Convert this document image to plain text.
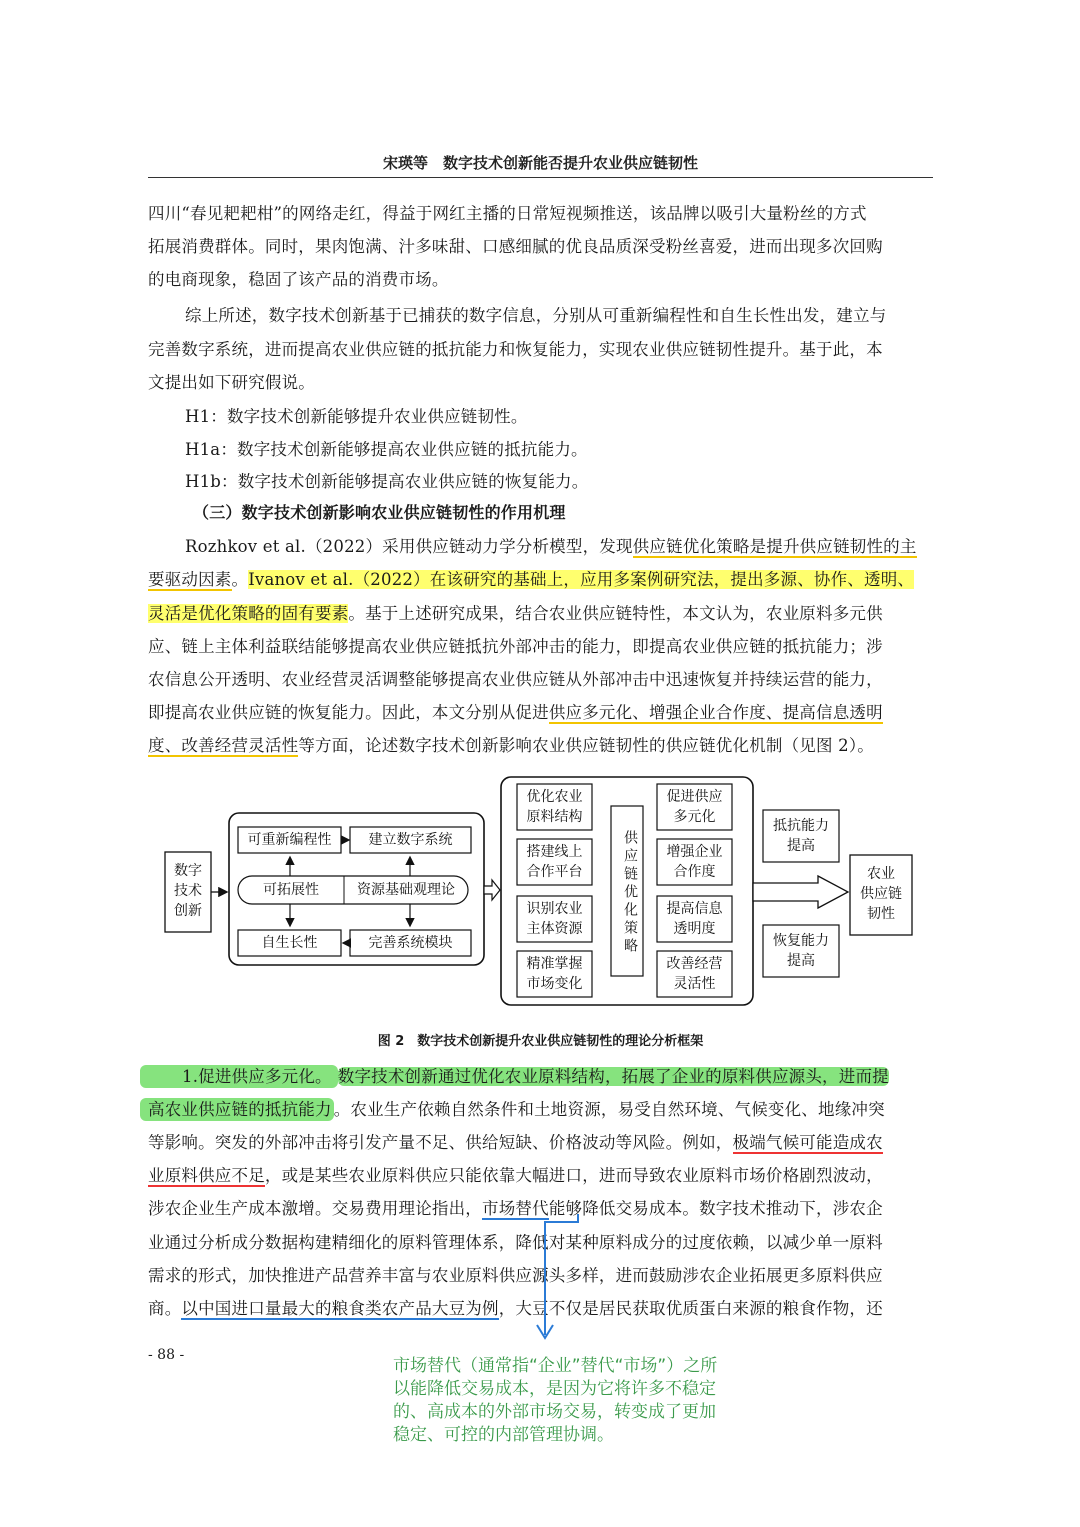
宋瑛等　数字技术创新能否提升农业供应链韧性
四川“春见耙耙柑”的网络走红，得益于网红主播的日常短视频推送，该品牌以吸引大量粉丝的方式
拓展消费群体。同时，果肉饱满、汁多味甜、口感细腻的优良品质深受粉丝喜爱，进而出现多次回购
的电商现象，稳固了该产品的消费市场。
综上所述，数字技术创新基于已捕获的数字信息，分别从可重新编程性和自生长性出发，建立与
完善数字系统，进而提高农业供应链的抵抗能力和恢复能力，实现农业供应链韧性提升。基于此，本
文提出如下研究假说。
H1：数字技术创新能够提升农业供应链韧性。
H1a：数字技术创新能够提高农业供应链的抵抗能力。
H1b：数字技术创新能够提高农业供应链的恢复能力。
（三）数字技术创新影响农业供应链韧性的作用机理
Rozhkov et al.（2022）采用供应链动力学分析模型，发现供应链优化策略是提升供应链韧性的主
要驱动因素。Ivanov et al.（2022）在该研究的基础上，应用多案例研究法，提出多源、协作、透明、
灵活是优化策略的固有要素。基于上述研究成果，结合农业供应链特性，本文认为，农业原料多元供
应、链上主体利益联结能够提高农业供应链抵抗外部冲击的能力，即提高农业供应链的抵抗能力；涉
农信息公开透明、农业经营灵活调整能够提高农业供应链从外部冲击中迅速恢复并持续运营的能力，
即提高农业供应链的恢复能力。因此，本文分别从促进供应多元化、增强企业合作度、提高信息透明
度、改善经营灵活性等方面，论述数字技术创新影响农业供应链韧性的供应链优化机制（见图 2）。
数字
技术
创新
可重新编程性	建立数字系统
可拓展性	资源基础观理论
自生长性	完善系统模块
优化农业
原料结构
搭建线上
合作平台
识别农业
主体资源
精准掌握
市场变化
供应链优化策略
促进供应
多元化
增强企业
合作度
提高信息
透明度
改善经营
灵活性
抵抗能力
提高
恢复能力
提高
农业
供应链
韧性
图 2　数字技术创新提升农业供应链韧性的理论分析框架
1.促进供应多元化。 数字技术创新通过优化农业原料结构，拓展了企业的原料供应源头，进而提
高农业供应链的抵抗能力 。农业生产依赖自然条件和土地资源，易受自然环境、气候变化、地缘冲突
等影响。突发的外部冲击将引发产量不足、供给短缺、价格波动等风险。例如，极端气候可能造成农
业原料供应不足，或是某些农业原料供应只能依靠大幅进口，进而导致农业原料市场价格剧烈波动，
涉农企业生产成本激增。交易费用理论指出，市场替代能够降低交易成本。数字技术推动下，涉农企
业通过分析成分数据构建精细化的原料管理体系，降低对某种原料成分的过度依赖，以减少单一原料
需求的形式，加快推进产品营养丰富与农业原料供应源头多样，进而鼓励涉农企业拓展更多原料供应
商。以中国进口量最大的粮食类农产品大豆为例，大豆不仅是居民获取优质蛋白来源的粮食作物，还
- 88 -
市场替代（通常指“企业”替代“市场”）之所
以能降低交易成本，是因为它将许多不稳定
的、高成本的外部市场交易，转变成了更加
稳定、可控的内部管理协调。
